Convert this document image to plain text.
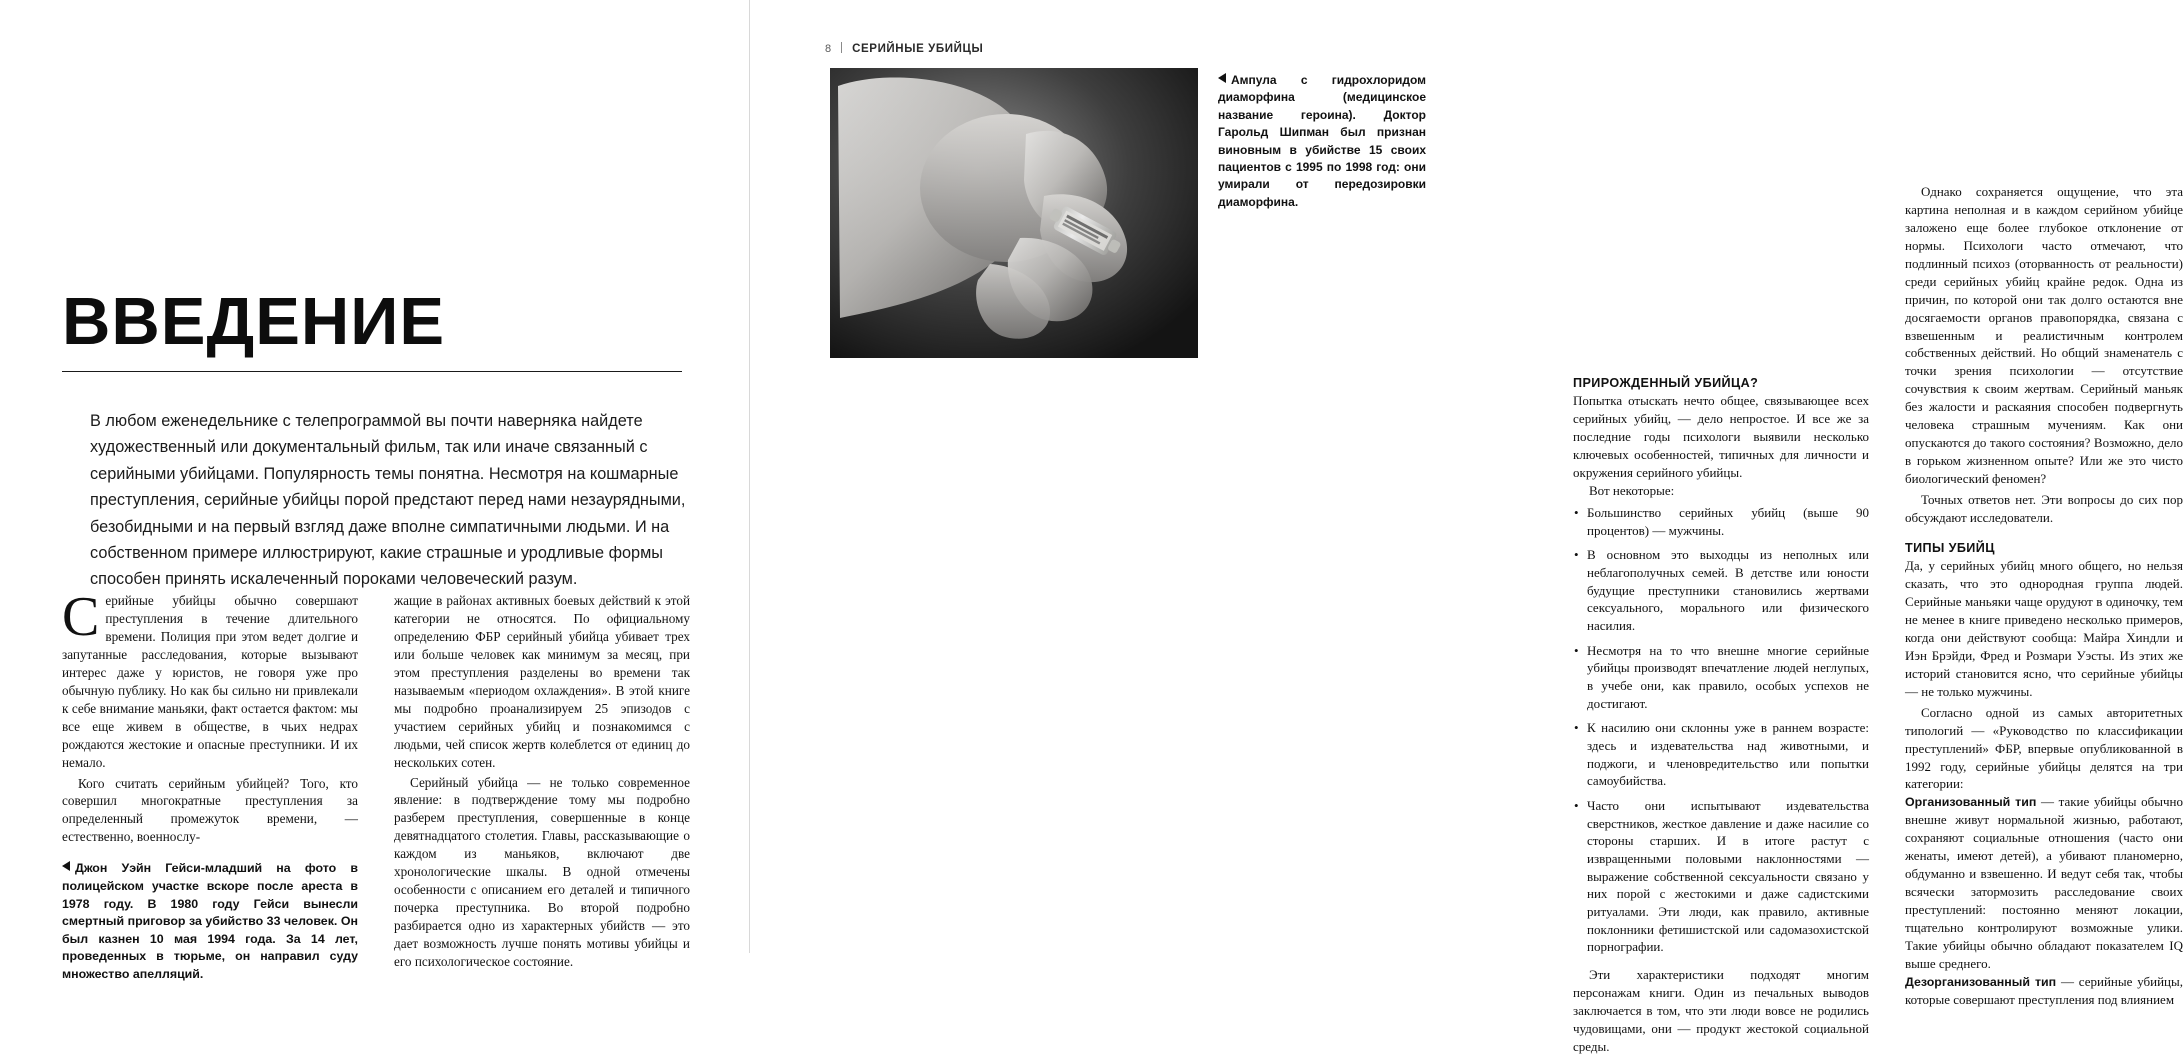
ВВЕДЕНИЕ
В любом еженедельнике с телепрограммой вы почти наверняка найдете художественный или документальный фильм, так или иначе связанный с серийными убийцами. Популярность темы понятна. Несмотря на кошмарные преступления, серийные убийцы порой предстают перед нами незаурядными, безобидными и на первый взгляд даже вполне симпатичными людьми. И на собственном примере иллюстрируют, какие страшные и уродливые формы способен принять искалеченный пороками человеческий разум.

Серийные убийцы обычно совершают преступления в течение длительного времени. Полиция при этом ведет долгие и запутанные расследования, которые вызывают интерес даже у юристов, не говоря уже про обычную публику. Но как бы сильно ни привлекали к себе внимание маньяки, факт остается фактом: мы все еще живем в обществе, в чьих недрах рождаются жестокие и опасные преступники. И их немало.

Кого считать серийным убийцей? Того, кто совершил многократные преступления за определенный промежуток времени, — естественно, военнослу-

Джон Уэйн Гейси-младший на фото в полицейском участке вскоре после ареста в 1978 году. В 1980 году Гейси вынесли смертный приговор за убийство 33 человек. Он был казнен 10 мая 1994 года. За 14 лет, проведенных в тюрьме, он направил суду множество апелляций.

жащие в районах активных боевых действий к этой категории не относятся. По официальному определению ФБР серийный убийца убивает трех или больше человек как минимум за месяц, при этом преступления разделены во времени так называемым «периодом охлаждения». В этой книге мы подробно проанализируем 25 эпизодов с участием серийных убийц и познакомимся с людьми, чей список жертв колеблется от единиц до нескольких сотен.

Серийный убийца — не только современное явление: в подтверждение тому мы подробно разберем преступления, совершенные в конце девятнадцатого столетия. Главы, рассказывающие о каждом из маньяков, включают две хронологические шкалы. В одной отмечены особенности с описанием его деталей и типичного почерка преступника. Во второй подробно разбирается одно из характерных убийств — это дает возможность лучше понять мотивы убийцы и его психологическое состояние.

8 СЕРИЙНЫЕ УБИЙЦЫ
Ампула с гидрохлоридом диаморфина (медицинское название героина). Доктор Гарольд Шипман был признан виновным в убийстве 15 своих пациентов с 1995 по 1998 год: они умирали от передозировки диаморфина.

ПРИРОЖДЕННЫЙ УБИЙЦА?

Попытка отыскать нечто общее, связывающее всех серийных убийц, — дело непростое. И все же за последние годы психологи выявили несколько ключевых особенностей, типичных для личности и окружения серийного убийцы.

Вот некоторые:

• Большинство серийных убийц (выше 90 процентов) — мужчины.
• В основном это выходцы из неполных или неблагополучных семей. В детстве или юности будущие преступники становились жертвами сексуального, морального или физического насилия.
• Несмотря на то что внешне многие серийные убийцы производят впечатление людей неглупых, в учебе они, как правило, особых успехов не достигают.
• К насилию они склонны уже в раннем возрасте: здесь и издевательства над животными, и поджоги, и членовредительство или попытки самоубийства.
• Часто они испытывают издевательства сверстников, жесткое давление и даже насилие со стороны старших. И в итоге растут с извращенными половыми наклонностями — выражение собственной сексуальности связано у них порой с жестокими и даже садистскими ритуалами. Эти люди, как правило, активные поклонники фетишистской или садомазохистской порнографии.

Эти характеристики подходят многим персонажам книги. Один из печальных выводов заключается в том, что эти люди вовсе не родились чудовищами, они — продукт жестокой социальной среды.

Однако сохраняется ощущение, что эта картина неполная и в каждом серийном убийце заложено еще более глубокое отклонение от нормы. Психологи часто отмечают, что подлинный психоз (оторванность от реальности) среди серийных убийц крайне редок. Одна из причин, по которой они так долго остаются вне досягаемости органов правопорядка, связана с взвешенным и реалистичным контролем собственных действий. Но общий знаменатель с точки зрения психологии — отсутствие сочувствия к своим жертвам. Серийный маньяк без жалости и раскаяния способен подвергнуть человека страшным мучениям. Как они опускаются до такого состояния? Возможно, дело в горьком жизненном опыте? Или же это чисто биологический феномен?

Точных ответов нет. Эти вопросы до сих пор обсуждают исследователи.

ТИПЫ УБИЙЦ

Да, у серийных убийц много общего, но нельзя сказать, что это однородная группа людей. Серийные маньяки чаще орудуют в одиночку, тем не менее в книге приведено несколько примеров, когда они действуют сообща: Майра Хиндли и Иэн Брэйди, Фред и Розмари Уэсты. Из этих же историй становится ясно, что серийные убийцы — не только мужчины.

Согласно одной из самых авторитетных типологий — «Руководство по классификации преступлений» ФБР, впервые опубликованной в 1992 году, серийные убийцы делятся на три категории:

Организованный тип — такие убийцы обычно внешне живут нормальной жизнью, работают, сохраняют социальные отношения (часто они женаты, имеют детей), а убивают планомерно, обдуманно и взвешенно. И ведут себя так, чтобы всячески затормозить расследование своих преступлений: постоянно меняют локации, тщательно контролируют возможные улики. Такие убийцы обычно обладают показателем IQ выше среднего.

Дезорганизованный тип — серийные убийцы, которые совершают преступления под влиянием
